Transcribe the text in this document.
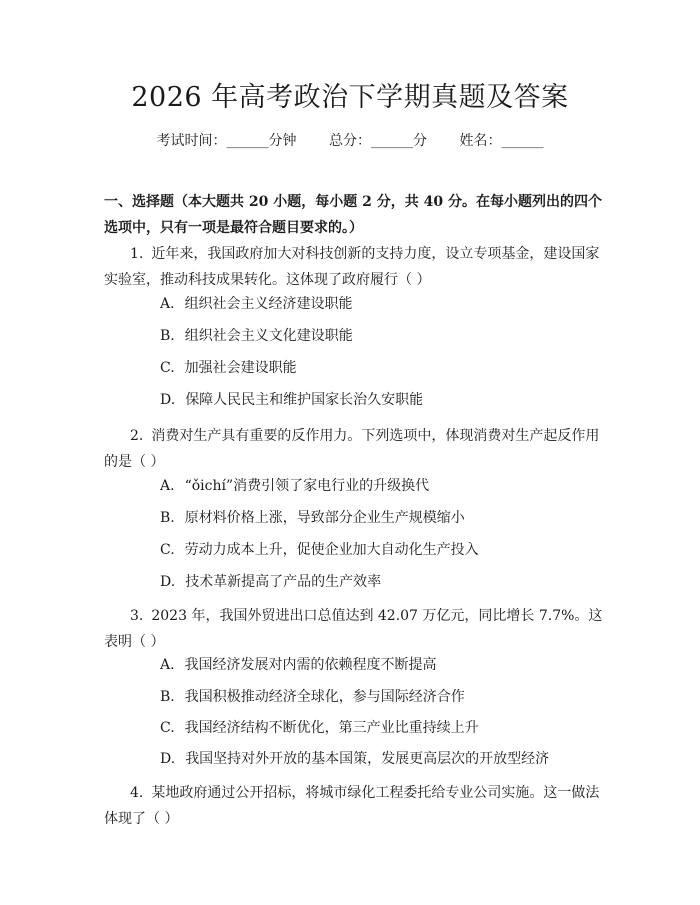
2026 年高考政治下学期真题及答案
考试时间：______分钟 总分：______分 姓名：______
一、选择题（本大题共 20 小题，每小题 2 分，共 40 分。在每小题列出的四个选项中，只有一项是最符合题目要求的。）
1. 近年来，我国政府加大对科技创新的支持力度，设立专项基金，建设国家实验室，推动科技成果转化。这体现了政府履行（ ）
A. 组织社会主义经济建设职能
B. 组织社会主义文化建设职能
C. 加强社会建设职能
D. 保障人民民主和维护国家长治久安职能
2. 消费对生产具有重要的反作用力。下列选项中，体现消费对生产起反作用的是（ ）
A. “ǒichí”消费引领了家电行业的升级换代
B. 原材料价格上涨，导致部分企业生产规模缩小
C. 劳动力成本上升，促使企业加大自动化生产投入
D. 技术革新提高了产品的生产效率
3. 2023 年，我国外贸进出口总值达到 42.07 万亿元，同比增长 7.7%。这表明（ ）
A. 我国经济发展对内需的依赖程度不断提高
B. 我国积极推动经济全球化，参与国际经济合作
C. 我国经济结构不断优化，第三产业比重持续上升
D. 我国坚持对外开放的基本国策，发展更高层次的开放型经济
4. 某地政府通过公开招标，将城市绿化工程委托给专业公司实施。这一做法体现了（ ）
